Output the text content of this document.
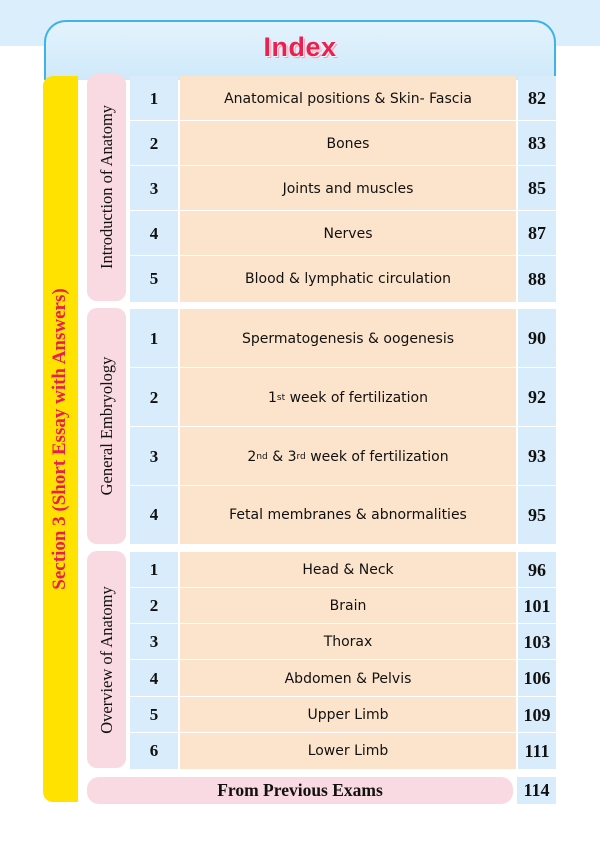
Index
Section 3 (Short Essay with Answers)
Introduction of Anatomy
1	Anatomical positions & Skin- Fascia	82
2	Bones	83
3	Joints and muscles	85
4	Nerves	87
5	Blood & lymphatic circulation	88
General Embryology
1	Spermatogenesis & oogenesis	90
2	1 st week of fertilization	92
3	2 nd & 3 rd week of fertilization	93
4	Fetal membranes & abnormalities	95
Overview of Anatomy
1	Head & Neck	96
2	Brain	101
3	Thorax	103
4	Abdomen & Pelvis	106
5	Upper Limb	109
6	Lower Limb	111
From Previous Exams	114
